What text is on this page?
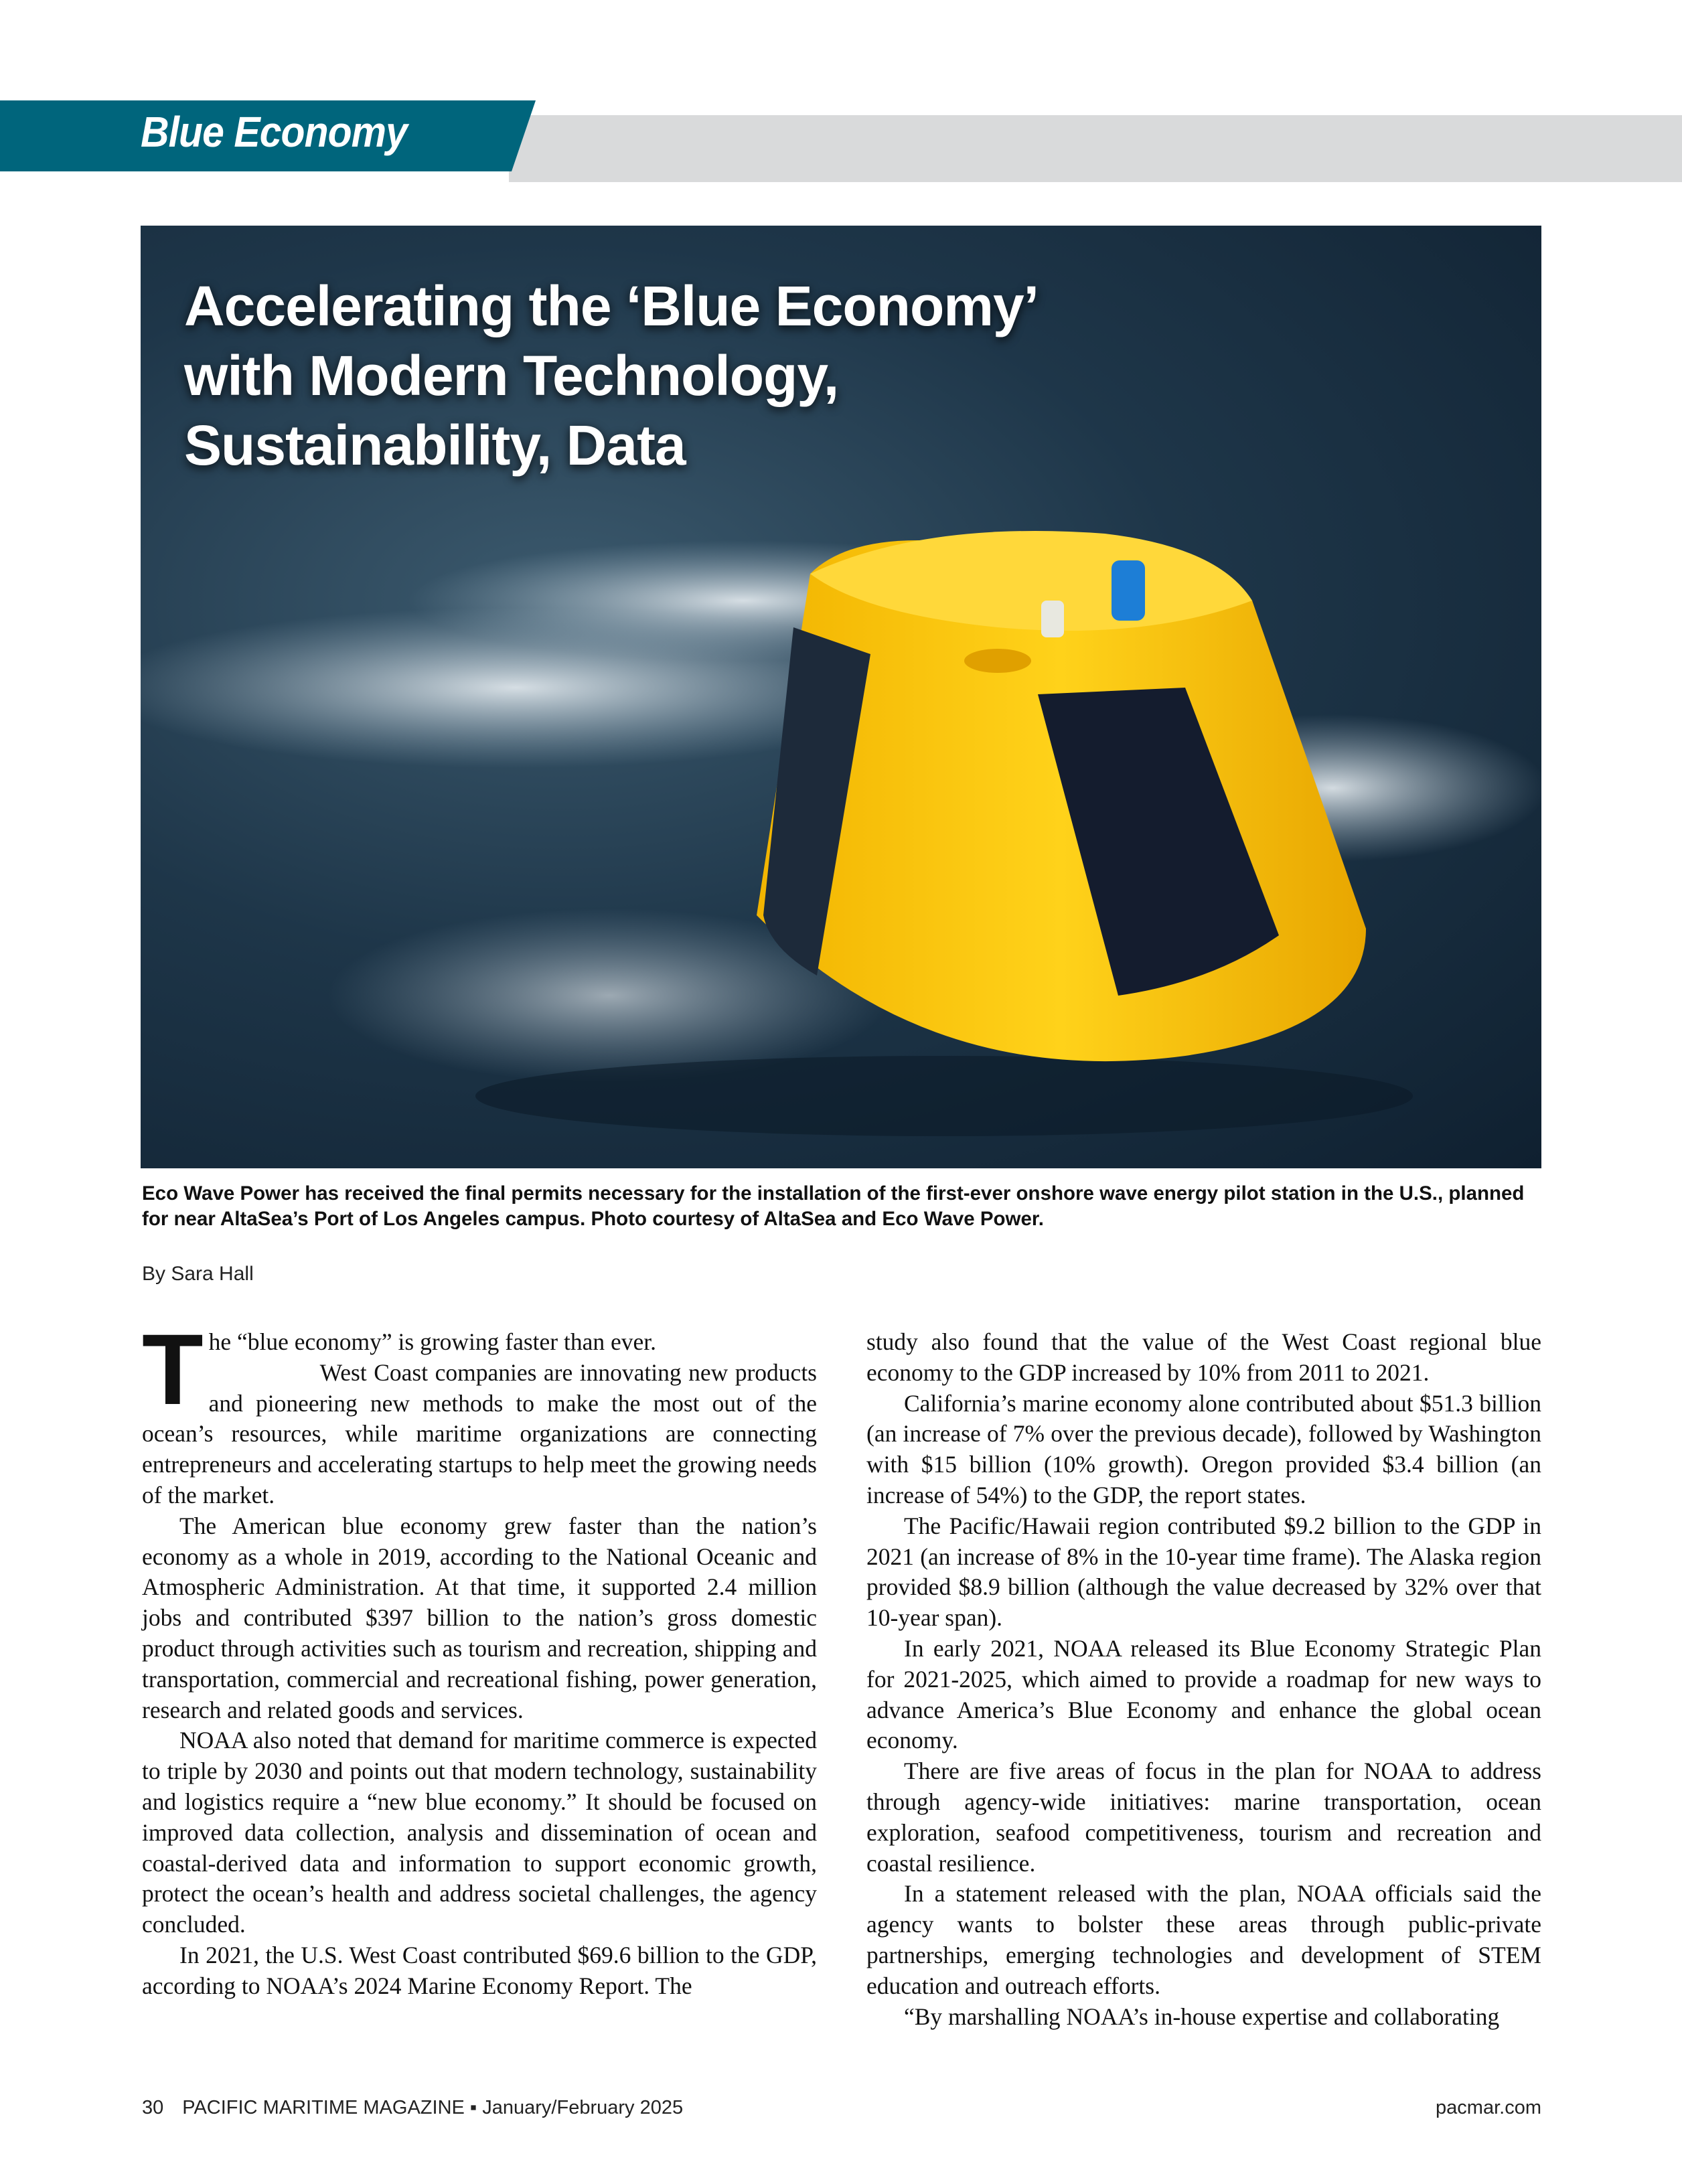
Blue Economy
Accelerating the ‘Blue Economy’
with Modern Technology,
Sustainability, Data
Eco Wave Power has received the final permits necessary for the installation of the first-ever onshore wave energy pilot station in the U.S., planned for near AltaSea’s Port of Los Angeles campus. Photo courtesy of AltaSea and Eco Wave Power.
By Sara Hall
T he “blue economy” is growing faster than ever.

West Coast companies are innovating new products and pioneering new methods to make the most out of the ocean’s resources, while maritime organizations are connecting entrepreneurs and accelerating startups to help meet the growing needs of the market.

The American blue economy grew faster than the nation’s economy as a whole in 2019, according to the National Oceanic and Atmospheric Administration. At that time, it supported 2.4 million jobs and contributed $397 billion to the nation’s gross domestic product through activities such as tourism and recreation, shipping and transportation, commercial and recreational fishing, power generation, research and related goods and services.

NOAA also noted that demand for maritime commerce is expected to triple by 2030 and points out that modern technology, sustainability and logistics require a “new blue economy.” It should be focused on improved data collection, analysis and dissemination of ocean and coastal-derived data and information to support economic growth, protect the ocean’s health and address societal challenges, the agency concluded.

In 2021, the U.S. West Coast contributed $69.6 billion to the GDP, according to NOAA’s 2024 Marine Economy Report. The

study also found that the value of the West Coast regional blue economy to the GDP increased by 10% from 2011 to 2021.

California’s marine economy alone contributed about $51.3 billion (an increase of 7% over the previous decade), followed by Washington with $15 billion (10% growth). Oregon provided $3.4 billion (an increase of 54%) to the GDP, the report states.

The Pacific/Hawaii region contributed $9.2 billion to the GDP in 2021 (an increase of 8% in the 10-year time frame). The Alaska region provided $8.9 billion (although the value decreased by 32% over that 10-year span).

In early 2021, NOAA released its Blue Economy Strategic Plan for 2021-2025, which aimed to provide a roadmap for new ways to advance America’s Blue Economy and enhance the global ocean economy.

There are five areas of focus in the plan for NOAA to address through agency-wide initiatives: marine transportation, ocean exploration, seafood competitiveness, tourism and recreation and coastal resilience.

In a statement released with the plan, NOAA officials said the agency wants to bolster these areas through public-private partnerships, emerging technologies and development of STEM education and outreach efforts.

“By marshalling NOAA’s in-house expertise and collaborating

30 PACIFIC MARITIME MAGAZINE ▪ January/February 2025	pacmar.com
